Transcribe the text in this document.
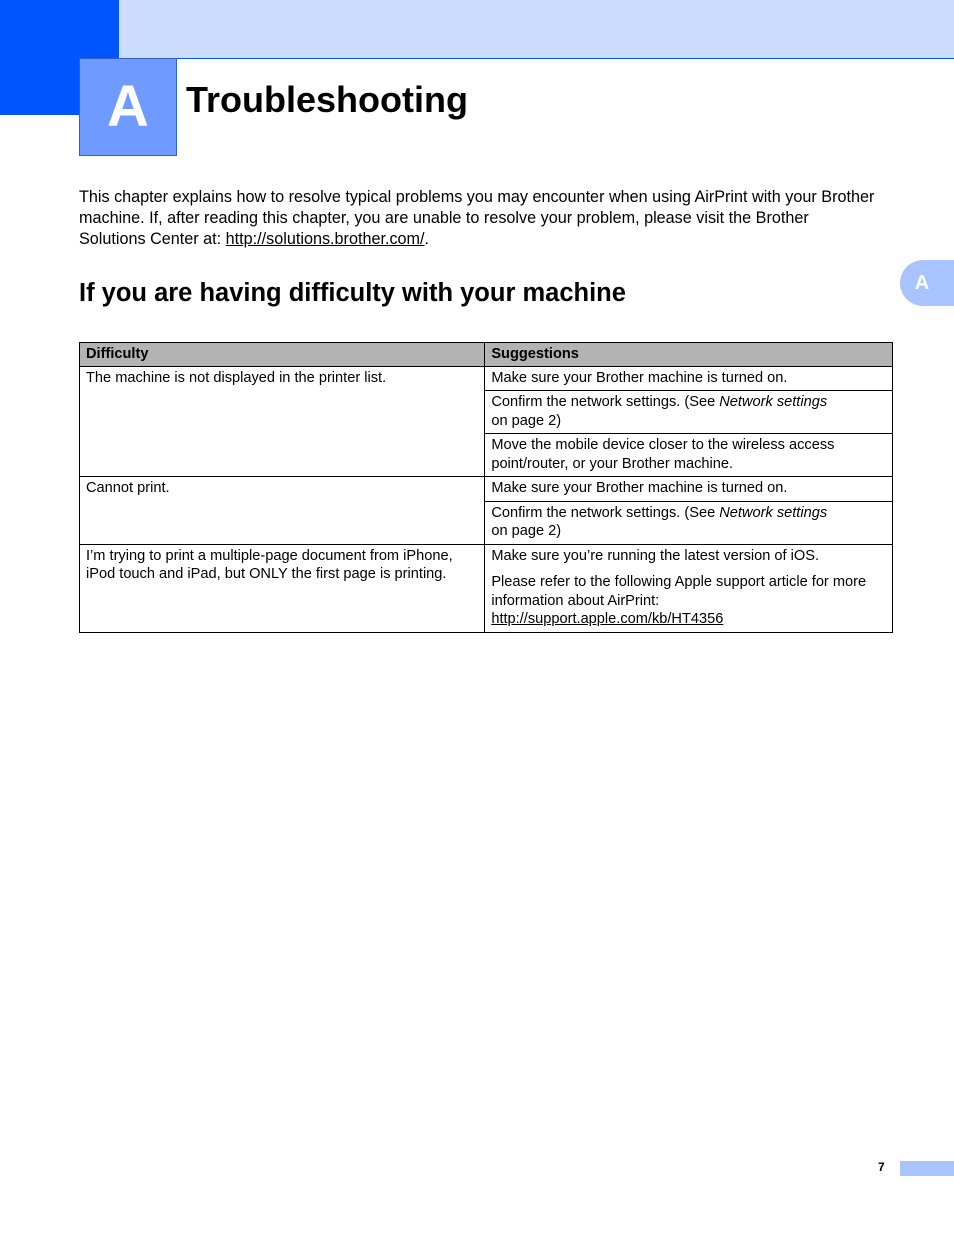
A Troubleshooting

This chapter explains how to resolve typical problems you may encounter when using AirPrint with your Brother machine. If, after reading this chapter, you are unable to resolve your problem, please visit the Brother Solutions Center at: http://solutions.brother.com/.

If you are having difficulty with your machine	A
Difficulty	Suggestions
The machine is not displayed in the printer list.	Make sure your Brother machine is turned on.
	Confirm the network settings. (See Network settings
on page 2)
	Move the mobile device closer to the wireless access point/router, or your Brother machine.
Cannot print.	Make sure your Brother machine is turned on.
	Confirm the network settings. (See Network settings
on page 2)
I’m trying to print a multiple-page document from iPhone, iPod touch and iPad, but ONLY the first page is printing.	Make sure you’re running the latest version of iOS.

Please refer to the following Apple support article for more information about AirPrint:
http://support.apple.com/kb/HT4356

7
